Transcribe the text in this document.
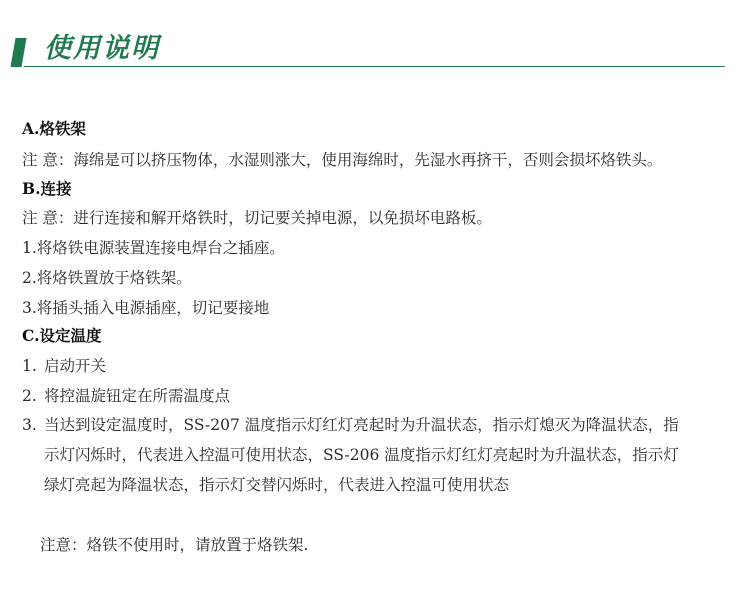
使用说明
A.烙铁架
注 意：海绵是可以挤压物体，水湿则涨大，使用海绵时，先湿水再挤干，否则会损坏烙铁头。
B.连接
注 意：进行连接和解开烙铁时，切记要关掉电源，以免损坏电路板。
1.将烙铁电源装置连接电焊台之插座。
2.将烙铁置放于烙铁架。
3.将插头插入电源插座，切记要接地
C.设定温度
1. 启动开关
2. 将控温旋钮定在所需温度点
3. 当达到设定温度时，SS-207 温度指示灯红灯亮起时为升温状态，指示灯熄灭为降温状态，指
示灯闪烁时，代表进入控温可使用状态，SS-206 温度指示灯红灯亮起时为升温状态，指示灯
绿灯亮起为降温状态，指示灯交替闪烁时，代表进入控温可使用状态
注意：烙铁不使用时，请放置于烙铁架.
